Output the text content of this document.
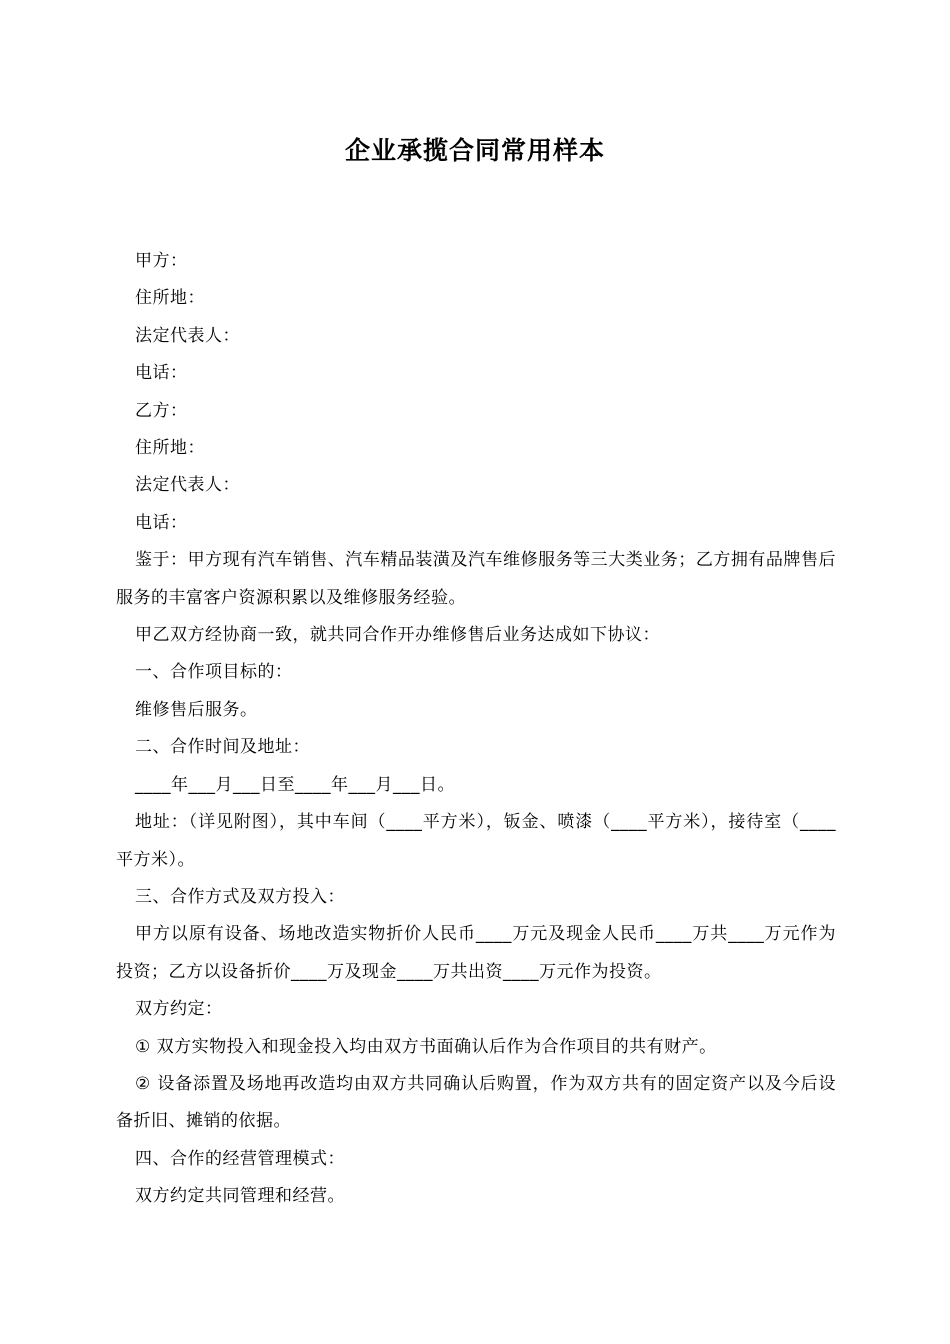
企业承揽合同常用样本

甲方：

住所地：

法定代表人：

电话：

乙方：

住所地：

法定代表人：

电话：

鉴于：甲方现有汽车销售、汽车精品装潢及汽车维修服务等三大类业务；乙方拥有品牌售后服务的丰富客户资源积累以及维修服务经验。

甲乙双方经协商一致，就共同合作开办维修售后业务达成如下协议：

一、合作项目标的：

维修售后服务。

二、合作时间及地址：

____年___月___日至____年___月___日。

地址：（详见附图），其中车间（____平方米），钣金、喷漆（____平方米），接待室（____平方米）。

三、合作方式及双方投入：

甲方以原有设备、场地改造实物折价人民币____万元及现金人民币____万共____万元作为投资；乙方以设备折价____万及现金____万共出资____万元作为投资。

双方约定：

① 双方实物投入和现金投入均由双方书面确认后作为合作项目的共有财产。

② 设备添置及场地再改造均由双方共同确认后购置，作为双方共有的固定资产以及今后设备折旧、摊销的依据。

四、合作的经营管理模式：

双方约定共同管理和经营。
